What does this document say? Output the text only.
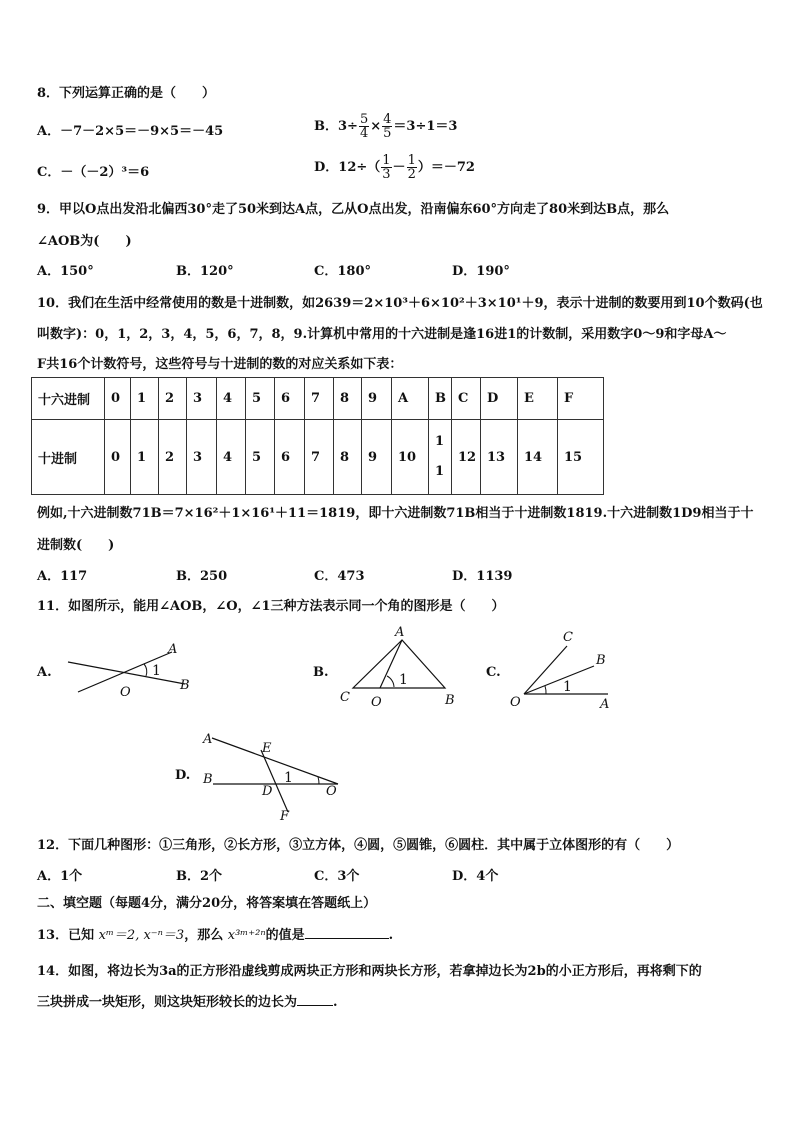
8．下列运算正确的是（　　）
A．－7－2×5＝－9×5＝－45	B．$3\div \frac{5}{4} \times \frac{4}{5} =3\div 1=3$
C．－（－2）³＝6	D．$12\div( \frac{1}{3} - \frac{1}{2} )=-72$
9．甲以O点出发沿北偏西30°走了50米到达A点，乙从O点出发，沿南偏东60°方向走了80米到达B点，那么
∠AOB为(　　)
A．150°	B．120°	C．180°	D．190°
10．我们在生活中经常使用的数是十进制数，如2639＝2×10³＋6×10²＋3×10¹＋9，表示十进制的数要用到10个数码(也
叫数字)：0，1，2，3，4，5，6，7，8，9.计算机中常用的十六进制是逢16进1的计数制，采用数字0～9和字母A～
F共16个计数符号，这些符号与十进制的数的对应关系如下表：
十六进制	0	1	2	3	4	5	6	7	8	9	A	B	C	D	E	F
十进制	0	1	2	3	4	5	6	7	8	9	10	11	12	13	14	15
例如,十六进制数71B＝7×16²＋1×16¹＋11＝1819，即十六进制数71B相当于十进制数1819.十六进制数1D9相当于十
进制数(　　)
A．117	B．250	C．473	D．1139
11．如图所示，能用∠AOB，∠O，∠1三种方法表示同一个角的图形是（　　）
A.
A
B
O
1	B.
A
C O	B
1	C.
C
B
O	A
1
D.
A
E
B
D	O
F
1
12．下面几种图形：①三角形，②长方形，③立方体，④圆，⑤圆锥，⑥圆柱．其中属于立体图形的有（　　）
A．1个	B．2个	C．3个	D．4个
二、填空题（每题4分，满分20分，将答案填在答题纸上）
13．已知 xᵐ＝2, x⁻ⁿ＝3，那么 x³ᵐ⁺²ⁿ的值是	.
14．如图，将边长为3a的正方形沿虚线剪成两块正方形和两块长方形，若拿掉边长为2b的小正方形后，再将剩下的
三块拼成一块矩形，则这块矩形较长的边长为	.
